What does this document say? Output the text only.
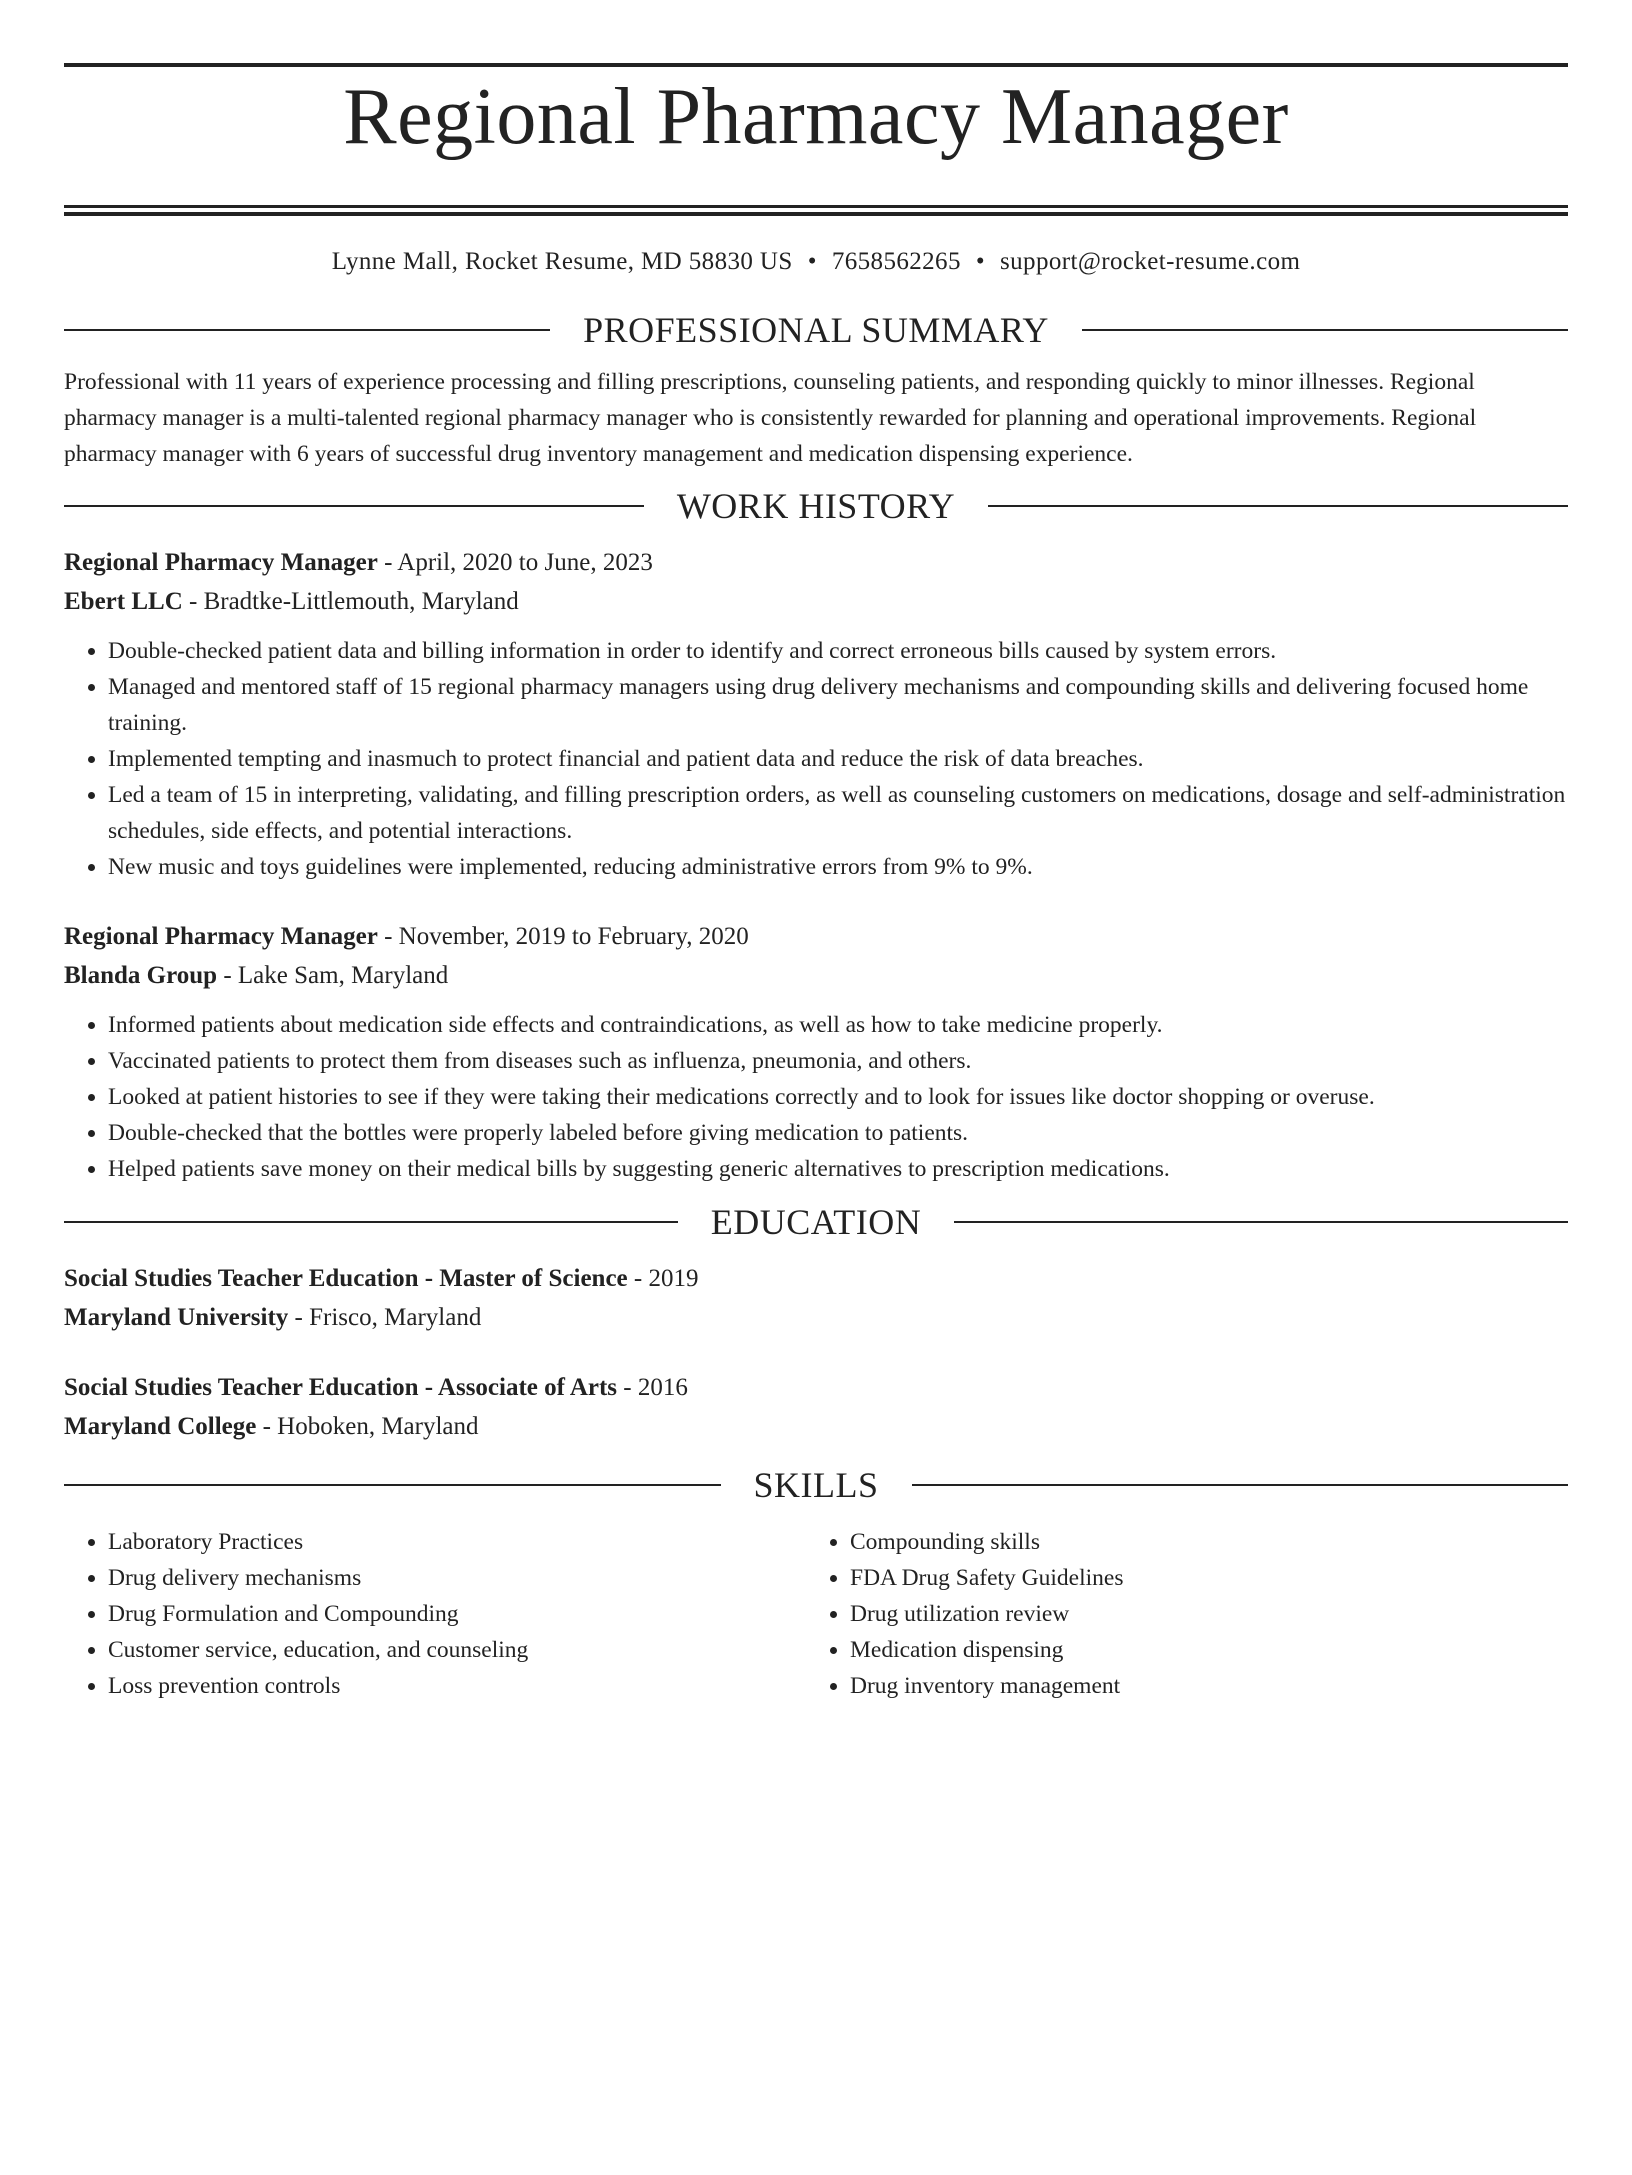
Regional Pharmacy Manager
Lynne Mall, Rocket Resume, MD 58830 US • 7658562265 • support@rocket-resume.com
PROFESSIONAL SUMMARY
Professional with 11 years of experience processing and filling prescriptions, counseling patients, and responding quickly to minor illnesses. Regional pharmacy manager is a multi-talented regional pharmacy manager who is consistently rewarded for planning and operational improvements. Regional pharmacy manager with 6 years of successful drug inventory management and medication dispensing experience.
WORK HISTORY
Regional Pharmacy Manager - April, 2020 to June, 2023
Ebert LLC - Bradtke-Littlemouth, Maryland
• Double-checked patient data and billing information in order to identify and correct erroneous bills caused by system errors.
• Managed and mentored staff of 15 regional pharmacy managers using drug delivery mechanisms and compounding skills and delivering focused home training.
• Implemented tempting and inasmuch to protect financial and patient data and reduce the risk of data breaches.
• Led a team of 15 in interpreting, validating, and filling prescription orders, as well as counseling customers on medications, dosage and self-administration schedules, side effects, and potential interactions.
• New music and toys guidelines were implemented, reducing administrative errors from 9% to 9%.
Regional Pharmacy Manager - November, 2019 to February, 2020
Blanda Group - Lake Sam, Maryland
• Informed patients about medication side effects and contraindications, as well as how to take medicine properly.
• Vaccinated patients to protect them from diseases such as influenza, pneumonia, and others.
• Looked at patient histories to see if they were taking their medications correctly and to look for issues like doctor shopping or overuse.
• Double-checked that the bottles were properly labeled before giving medication to patients.
• Helped patients save money on their medical bills by suggesting generic alternatives to prescription medications.
EDUCATION
Social Studies Teacher Education - Master of Science - 2019
Maryland University - Frisco, Maryland
Social Studies Teacher Education - Associate of Arts - 2016
Maryland College - Hoboken, Maryland
SKILLS
• Laboratory Practices
• Drug delivery mechanisms
• Drug Formulation and Compounding
• Customer service, education, and counseling
• Loss prevention controls
• Compounding skills
• FDA Drug Safety Guidelines
• Drug utilization review
• Medication dispensing
• Drug inventory management
